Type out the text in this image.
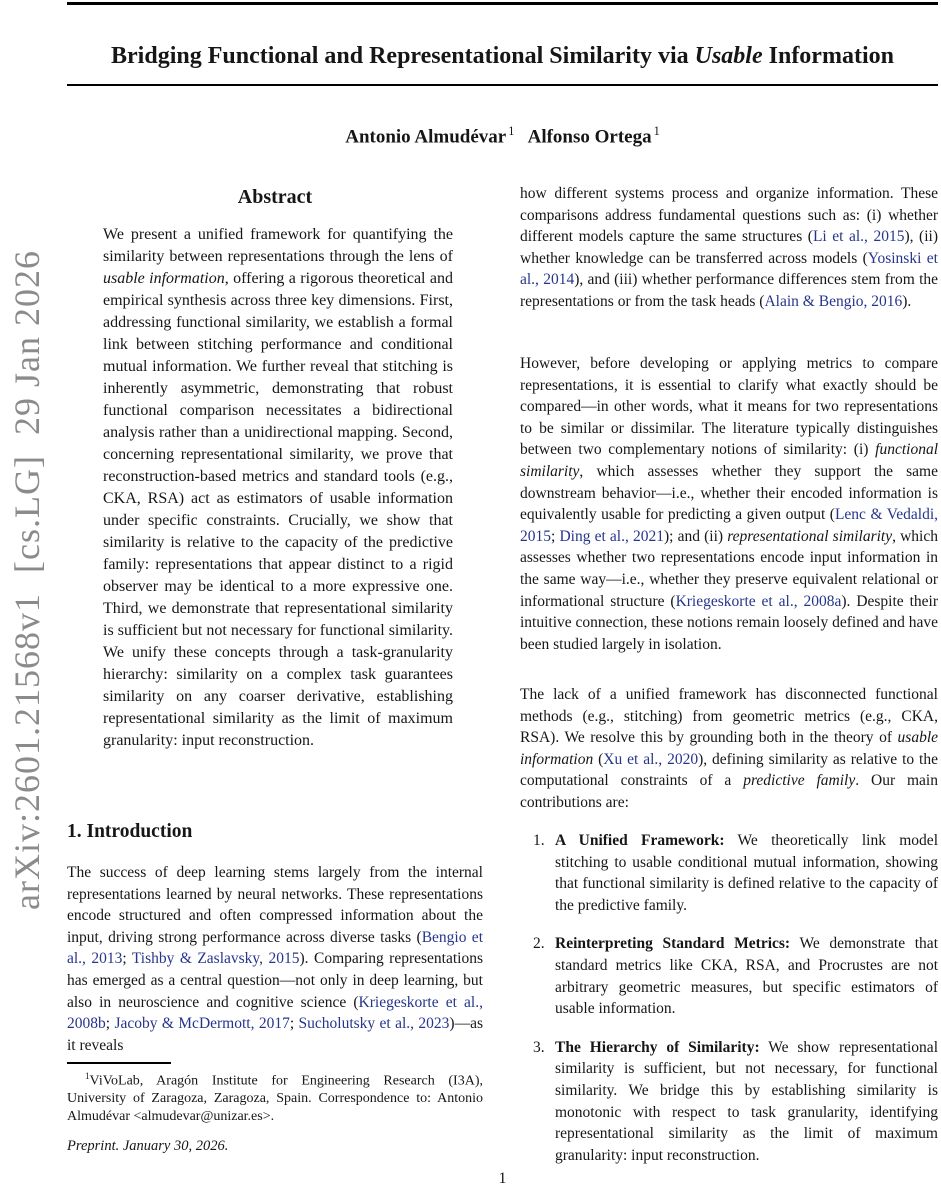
arXiv:2601.21568v1  [cs.LG]  29 Jan 2026
Bridging Functional and Representational Similarity via Usable Information
Antonio Almudévar $^1$ Alfonso Ortega $^1$
Abstract
We present a unified framework for quantifying the similarity between representations through the lens of usable information, offering a rigorous theoretical and empirical synthesis across three key dimensions. First, addressing functional similarity, we establish a formal link between stitching performance and conditional mutual information. We further reveal that stitching is inherently asymmetric, demonstrating that robust functional comparison necessitates a bidirectional analysis rather than a unidirectional mapping. Second, concerning representational similarity, we prove that reconstruction-based metrics and standard tools (e.g., CKA, RSA) act as estimators of usable information under specific constraints. Crucially, we show that similarity is relative to the capacity of the predictive family: representations that appear distinct to a rigid observer may be identical to a more expressive one. Third, we demonstrate that representational similarity is sufficient but not necessary for functional similarity. We unify these concepts through a task-granularity hierarchy: similarity on a complex task guarantees similarity on any coarser derivative, establishing representational similarity as the limit of maximum granularity: input reconstruction.
1. Introduction
The success of deep learning stems largely from the internal representations learned by neural networks. These representations encode structured and often compressed information about the input, driving strong performance across diverse tasks (Bengio et al., 2013; Tishby & Zaslavsky, 2015). Comparing representations has emerged as a central question—not only in deep learning, but also in neuroscience and cognitive science (Kriegeskorte et al., 2008b; Jacoby & McDermott, 2017; Sucholutsky et al., 2023)—as it reveals
$^1$ViVoLab, Aragón Institute for Engineering Research (I3A), University of Zaragoza, Zaragoza, Spain. Correspondence to: Antonio Almudévar <almudevar@unizar.es>.
Preprint. January 30, 2026.
how different systems process and organize information. These comparisons address fundamental questions such as: (i) whether different models capture the same structures (Li et al., 2015), (ii) whether knowledge can be transferred across models (Yosinski et al., 2014), and (iii) whether performance differences stem from the representations or from the task heads (Alain & Bengio, 2016).
However, before developing or applying metrics to compare representations, it is essential to clarify what exactly should be compared—in other words, what it means for two representations to be similar or dissimilar. The literature typically distinguishes between two complementary notions of similarity: (i) functional similarity, which assesses whether they support the same downstream behavior—i.e., whether their encoded information is equivalently usable for predicting a given output (Lenc & Vedaldi, 2015; Ding et al., 2021); and (ii) representational similarity, which assesses whether two representations encode input information in the same way—i.e., whether they preserve equivalent relational or informational structure (Kriegeskorte et al., 2008a). Despite their intuitive connection, these notions remain loosely defined and have been studied largely in isolation.
The lack of a unified framework has disconnected functional methods (e.g., stitching) from geometric metrics (e.g., CKA, RSA). We resolve this by grounding both in the theory of usable information (Xu et al., 2020), defining similarity as relative to the computational constraints of a predictive family. Our main contributions are:
1. A Unified Framework: We theoretically link model stitching to usable conditional mutual information, showing that functional similarity is defined relative to the capacity of the predictive family.
2. Reinterpreting Standard Metrics: We demonstrate that standard metrics like CKA, RSA, and Procrustes are not arbitrary geometric measures, but specific estimators of usable information.
3. The Hierarchy of Similarity: We show representational similarity is sufficient, but not necessary, for functional similarity. We bridge this by establishing similarity is monotonic with respect to task granularity, identifying representational similarity as the limit of maximum granularity: input reconstruction.
1
